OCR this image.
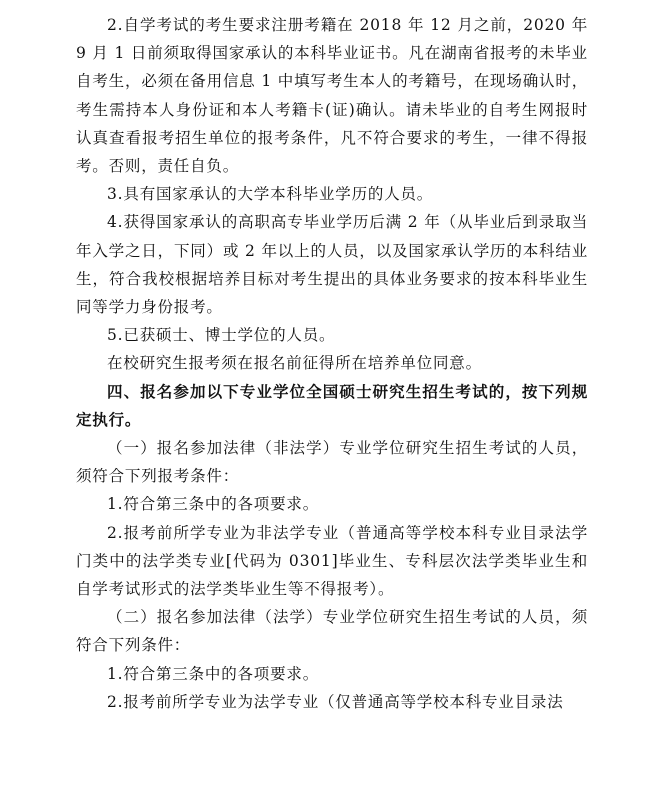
2.自学考试的考生要求注册考籍在 2018 年 12 月之前，2020 年 9 月 1 日前须取得国家承认的本科毕业证书。凡在湖南省报考的未毕业自考生，必须在备用信息 1 中填写考生本人的考籍号，在现场确认时，考生需持本人身份证和本人考籍卡(证)确认。请未毕业的自考生网报时认真查看报考招生单位的报考条件，凡不符合要求的考生，一律不得报考。否则，责任自负。

3.具有国家承认的大学本科毕业学历的人员。

4.获得国家承认的高职高专毕业学历后满 2 年（从毕业后到录取当年入学之日，下同）或 2 年以上的人员，以及国家承认学历的本科结业生，符合我校根据培养目标对考生提出的具体业务要求的按本科毕业生同等学力身份报考。

5.已获硕士、博士学位的人员。

在校研究生报考须在报名前征得所在培养单位同意。

四、报名参加以下专业学位全国硕士研究生招生考试的，按下列规定执行。

（一）报名参加法律（非法学）专业学位研究生招生考试的人员，须符合下列报考条件：

1.符合第三条中的各项要求。

2.报考前所学专业为非法学专业（普通高等学校本科专业目录法学门类中的法学类专业[代码为 0301]毕业生、专科层次法学类毕业生和自学考试形式的法学类毕业生等不得报考）。

（二）报名参加法律（法学）专业学位研究生招生考试的人员，须符合下列条件：

1.符合第三条中的各项要求。

2.报考前所学专业为法学专业（仅普通高等学校本科专业目录法
